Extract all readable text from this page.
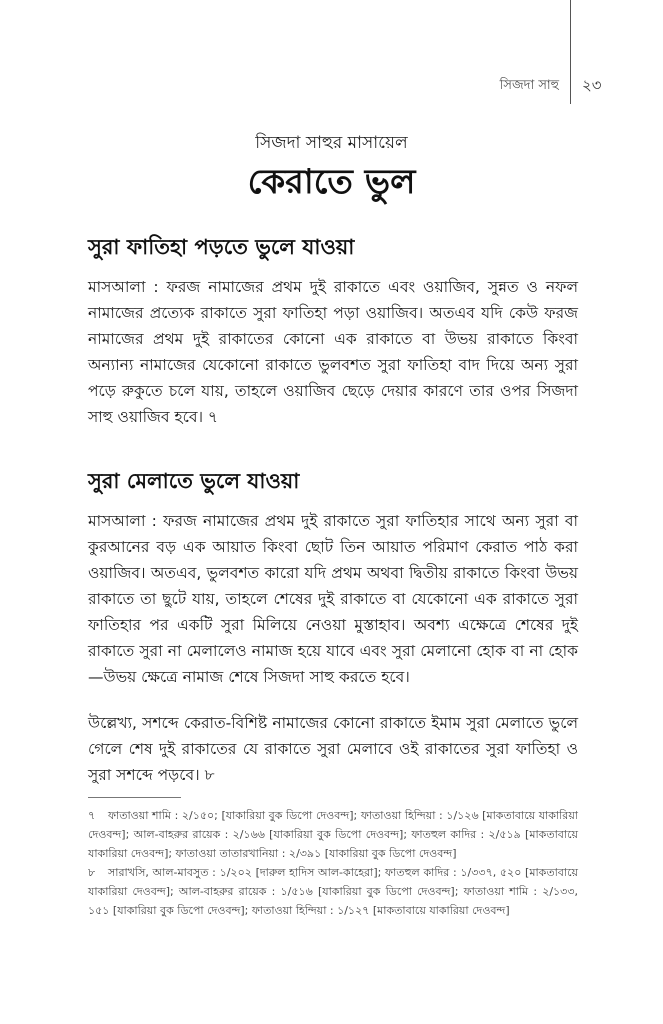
সিজদা সাহু ২৩
সিজদা সাহুর মাসায়েল
কেরাতে ভুল
সুরা ফাতিহা পড়তে ভুলে যাওয়া

মাসআলা : ফরজ নামাজের প্রথম দুই রাকাতে এবং ওয়াজিব, সুন্নত ও নফল নামাজের প্রত্যেক রাকাতে সুরা ফাতিহা পড়া ওয়াজিব। অতএব যদি কেউ ফরজ নামাজের প্রথম দুই রাকাতের কোনো এক রাকাতে বা উভয় রাকাতে কিংবা অন্যান্য নামাজের যেকোনো রাকাতে ভুলবশত সুরা ফাতিহা বাদ দিয়ে অন্য সুরা পড়ে রুকুতে চলে যায়, তাহলে ওয়াজিব ছেড়ে দেয়ার কারণে তার ওপর সিজদা সাহু ওয়াজিব হবে। ৭

সুরা মেলাতে ভুলে যাওয়া

মাসআলা : ফরজ নামাজের প্রথম দুই রাকাতে সুরা ফাতিহার সাথে অন্য সুরা বা কুরআনের বড় এক আয়াত কিংবা ছোট তিন আয়াত পরিমাণ কেরাত পাঠ করা ওয়াজিব। অতএব, ভুলবশত কারো যদি প্রথম অথবা দ্বিতীয় রাকাতে কিংবা উভয় রাকাতে তা ছুটে যায়, তাহলে শেষের দুই রাকাতে বা যেকোনো এক রাকাতে সুরা ফাতিহার পর একটি সুরা মিলিয়ে নেওয়া মুস্তাহাব। অবশ্য এক্ষেত্রে শেষের দুই রাকাতে সুরা না মেলালেও নামাজ হয়ে যাবে এবং সুরা মেলানো হোক বা না হোক—উভয় ক্ষেত্রে নামাজ শেষে সিজদা সাহু করতে হবে।

উল্লেখ্য, সশব্দে কেরাত-বিশিষ্ট নামাজের কোনো রাকাতে ইমাম সুরা মেলাতে ভুলে গেলে শেষ দুই রাকাতের যে রাকাতে সুরা মেলাবে ওই রাকাতের সুরা ফাতিহা ও সুরা সশব্দে পড়বে। ৮

৭ ফাতাওয়া শামি : ২/১৫০; [যাকারিয়া বুক ডিপো দেওবন্দ]; ফাতাওয়া হিন্দিয়া : ১/১২৬ [মাকতাবায়ে যাকারিয়া দেওবন্দ]; আল-বাহরুর রায়েক : ২/১৬৬ [যাকারিয়া বুক ডিপো দেওবন্দ]; ফাতহুল কাদির : ২/৫১৯ [মাকতাবায়ে যাকারিয়া দেওবন্দ]; ফাতাওয়া তাতারখানিয়া : ২/৩৯১ [যাকারিয়া বুক ডিপো দেওবন্দ]

৮ সারাখসি, আল-মাবসুত : ১/২০২ [দারুল হাদিস আল-কাহেরা]; ফাতহুল কাদির : ১/৩৩৭, ৫২০ [মাকতাবায়ে যাকারিয়া দেওবন্দ]; আল-বাহরুর রায়েক : ১/৫১৬ [যাকারিয়া বুক ডিপো দেওবন্দ]; ফাতাওয়া শামি : ২/১৩৩, ১৫১ [যাকারিয়া বুক ডিপো দেওবন্দ]; ফাতাওয়া হিন্দিয়া : ১/১২৭ [মাকতাবায়ে যাকারিয়া দেওবন্দ]
